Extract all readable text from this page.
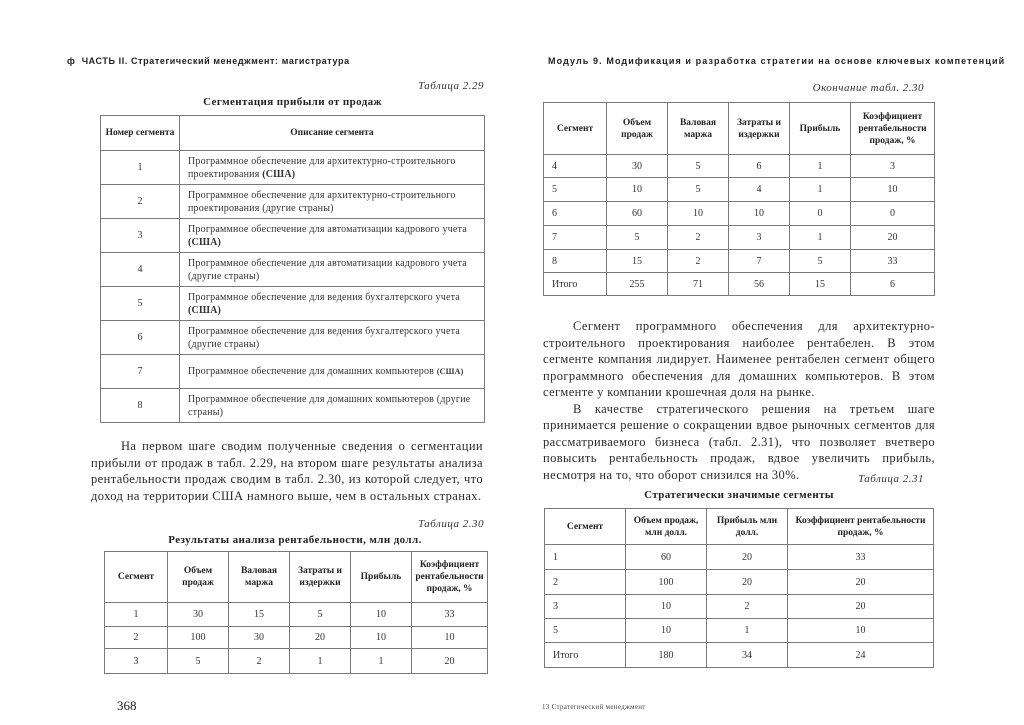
ф ЧАСТЬ II. Стратегический менеджмент: магистратура
Таблица 2.29
Сегментация прибыли от продаж
Номер сегмента	Описание сегмента
1	Программное обеспечение для архитектурно-строительного проектирования (США)
2	Программное обеспечение для архитектурно-строительного проектирования (другие страны)
3	Программное обеспечение для автоматизации кадрового учета (США)
4	Программное обеспечение для автоматизации кадрового учета (другие страны)
5	Программное обеспечение для ведения бухгалтерского учета (США)
6	Программное обеспечение для ведения бухгалтерского учета (другие страны)
7	Программное обеспечение для домашних компьютеров (США)
8	Программное обеспечение для домашних компьютеров (другие страны)

На первом шаге сводим полученные сведения о сегментации прибыли от продаж в табл. 2.29, на втором шаге результаты анализа рентабельности продаж сводим в табл. 2.30, из которой следует, что доход на территории США намного выше, чем в остальных странах.

Таблица 2.30
Результаты анализа рентабельности, млн долл.
Сегмент	Объем продаж	Валовая маржа	Затраты и издержки	Прибыль	Коэффициент рентабельности продаж, %
1	30	15	5	10	33
2	100	30	20	10	10
3	5	2	1	1	20
368
Модуль 9. Модификация и разработка стратегии на основе ключевых компетенций
Окончание табл. 2.30
Сегмент	Объем продаж	Валовая маржа	Затраты и издержки	Прибыль	Коэффициент рентабельности продаж, %
4	30	5	6	1	3
5	10	5	4	1	10
6	60	10	10	0	0
7	5	2	3	1	20
8	15	2	7	5	33
Итого	255	71	56	15	6

Сегмент программного обеспечения для архитектурно-строительного проектирования наиболее рентабелен. В этом сегменте компания лидирует. Наименее рентабелен сегмент общего программного обеспечения для домашних компьютеров. В этом сегменте у компании крошечная доля на рынке.

В качестве стратегического решения на третьем шаге принимается решение о сокращении вдвое рыночных сегментов для рассматриваемого бизнеса (табл. 2.31), что позволяет вчетверо повысить рентабельность продаж, вдвое увеличить прибыль, несмотря на то, что оборот снизился на 30%.	Таблица 2.31
Стратегически значимые сегменты
Сегмент	Объем продаж, млн долл.	Прибыль млн долл.	Коэффициент рентабельности продаж, %
1	60	20	33
2	100	20	20
3	10	2	20
5	10	1	10
Итого	180	34	24
13 Стратегический менеджмент
